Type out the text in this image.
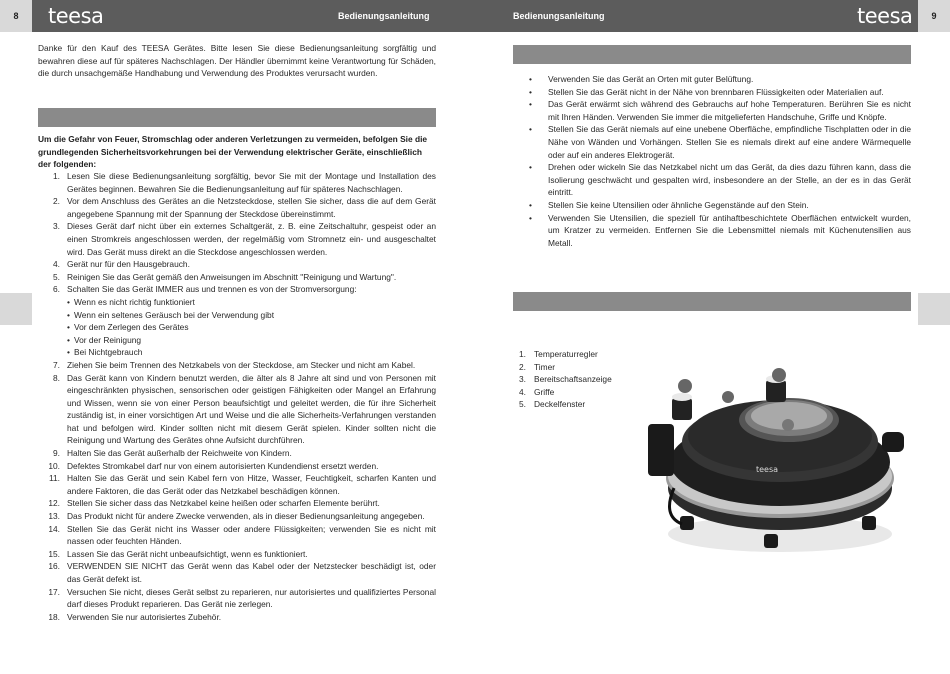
8	9
teesa	teesa
Bedienungsanleitung	Bedienungsanleitung

Danke für den Kauf des TEESA Gerätes. Bitte lesen Sie diese Bedienungsanleitung sorgfältig und bewahren diese auf für späteres Nachschlagen. Der Händler übernimmt keine Verantwortung für Schäden, die durch unsachgemäße Handhabung und Verwendung des Produktes verursacht wurden.

Um die Gefahr von Feuer, Stromschlag oder anderen Verletzungen zu vermeiden, befolgen Sie die grundlegenden Sicherheitsvorkehrungen bei der Verwendung elektrischer Geräte, einschließlich der folgenden:

1. Lesen Sie diese Bedienungsanleitung sorgfältig, bevor Sie mit der Montage und Installation des Gerätes beginnen. Bewahren Sie die Bedienungsanleitung auf für späteres Nachschlagen.
2. Vor dem Anschluss des Gerätes an die Netzsteckdose, stellen Sie sicher, dass die auf dem Gerät angegebene Spannung mit der Spannung der Steckdose übereinstimmt.
3. Dieses Gerät darf nicht über ein externes Schaltgerät, z. B. eine Zeitschaltuhr, gespeist oder an einen Stromkreis angeschlossen werden, der regelmäßig vom Stromnetz ein- und ausgeschaltet wird. Das Gerät muss direkt an die Steckdose angeschlossen werden.
4. Gerät nur für den Hausgebrauch.
5. Reinigen Sie das Gerät gemäß den Anweisungen im Abschnitt "Reinigung und Wartung".
6. Schalten Sie das Gerät IMMER aus und trennen es von der Stromversorgung:
• Wenn es nicht richtig funktioniert
• Wenn ein seltenes Geräusch bei der Verwendung gibt
• Vor dem Zerlegen des Gerätes
• Vor der Reinigung
• Bei Nichtgebrauch
7. Ziehen Sie beim Trennen des Netzkabels von der Steckdose, am Stecker und nicht am Kabel.
8. Das Gerät kann von Kindern benutzt werden, die älter als 8 Jahre alt sind und von Personen mit eingeschränkten physischen, sensorischen oder geistigen Fähigkeiten oder Mangel an Erfahrung und Wissen, wenn sie von einer Person beaufsichtigt und geleitet werden, die für ihre Sicherheit zuständig ist, in einer vorsichtigen Art und Weise und die alle Sicherheits-Verfahrungen verstanden hat und befolgen wird. Kinder sollten nicht mit diesem Gerät spielen. Kinder sollten nicht die Reinigung und Wartung des Gerätes ohne Aufsicht durchführen.
9. Halten Sie das Gerät außerhalb der Reichweite von Kindern.
10. Defektes Stromkabel darf nur von einem autorisierten Kundendienst ersetzt werden.
11. Halten Sie das Gerät und sein Kabel fern von Hitze, Wasser, Feuchtigkeit, scharfen Kanten und andere Faktoren, die das Gerät oder das Netzkabel beschädigen können.
12. Stellen Sie sicher dass das Netzkabel keine heißen oder scharfen Elemente berührt.
13. Das Produkt nicht für andere Zwecke verwenden, als in dieser Bedienungsanleitung angegeben.
14. Stellen Sie das Gerät nicht ins Wasser oder andere Flüssigkeiten; verwenden Sie es nicht mit nassen oder feuchten Händen.
15. Lassen Sie das Gerät nicht unbeaufsichtigt, wenn es funktioniert.
16. VERWENDEN SIE NICHT das Gerät wenn das Kabel oder der Netzstecker beschädigt ist, oder das Gerät defekt ist.
17. Versuchen Sie nicht, dieses Gerät selbst zu reparieren, nur autorisiertes und qualifiziertes Personal darf dieses Produkt reparieren. Das Gerät nie zerlegen.
18. Verwenden Sie nur autorisiertes Zubehör.
• Verwenden Sie das Gerät an Orten mit guter Belüftung.
• Stellen Sie das Gerät nicht in der Nähe von brennbaren Flüssigkeiten oder Materialien auf.
• Das Gerät erwärmt sich während des Gebrauchs auf hohe Temperaturen. Berühren Sie es nicht mit Ihren Händen. Verwenden Sie immer die mitgelieferten Handschuhe, Griffe und Knöpfe.
• Stellen Sie das Gerät niemals auf eine unebene Oberfläche, empfindliche Tischplatten oder in die Nähe von Wänden und Vorhängen. Stellen Sie es niemals direkt auf eine andere Wärmequelle oder auf ein anderes Elektrogerät.
• Drehen oder wickeln Sie das Netzkabel nicht um das Gerät, da dies dazu führen kann, dass die Isolierung geschwächt und gespalten wird, insbesondere an der Stelle, an der es in das Gerät eintritt.
• Stellen Sie keine Utensilien oder ähnliche Gegenstände auf den Stein.
• Verwenden Sie Utensilien, die speziell für antihaftbeschichtete Oberflächen entwickelt wurden, um Kratzer zu vermeiden. Entfernen Sie die Lebensmittel niemals mit Küchenutensilien aus Metall.
1. Temperaturregler
2. Timer
3. Bereitschaftsanzeige
4. Griffe
5. Deckelfenster
teesa
